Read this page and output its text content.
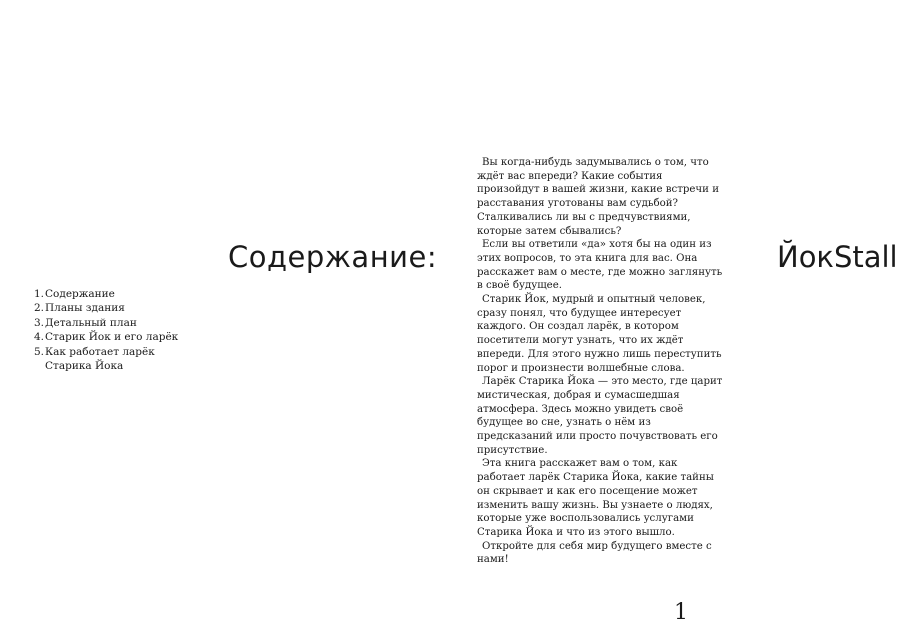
Содержание:
1. Содержание
2. Планы здания
3. Детальный план
4. Старик Йок и его ларёк
5. Как работает ларёк Старика Йока

Вы когда-нибудь задумывались о том, что ждёт вас впереди? Какие события произойдут в вашей жизни, какие встречи и расставания уготованы вам судьбой? Сталкивались ли вы с предчувствиями, которые затем сбывались?

Если вы ответили «да» хотя бы на один из этих вопросов, то эта книга для вас. Она расскажет вам о месте, где можно заглянуть в своё будущее.

Старик Йок, мудрый и опытный человек, сразу понял, что будущее интересует каждого. Он создал ларёк, в котором посетители могут узнать, что их ждёт впереди. Для этого нужно лишь переступить порог и произнести волшебные слова.

Ларёк Старика Йока — это место, где царит мистическая, добрая и сумасшедшая атмосфера. Здесь можно увидеть своё будущее во сне, узнать о нём из предсказаний или просто почувствовать его присутствие.

Эта книга расскажет вам о том, как работает ларёк Старика Йока, какие тайны он скрывает и как его посещение может изменить вашу жизнь. Вы узнаете о людях, которые уже воспользовались услугами Старика Йока и что из этого вышло.

Откройте для себя мир будущего вместе с нами!

ЙокStall
1
